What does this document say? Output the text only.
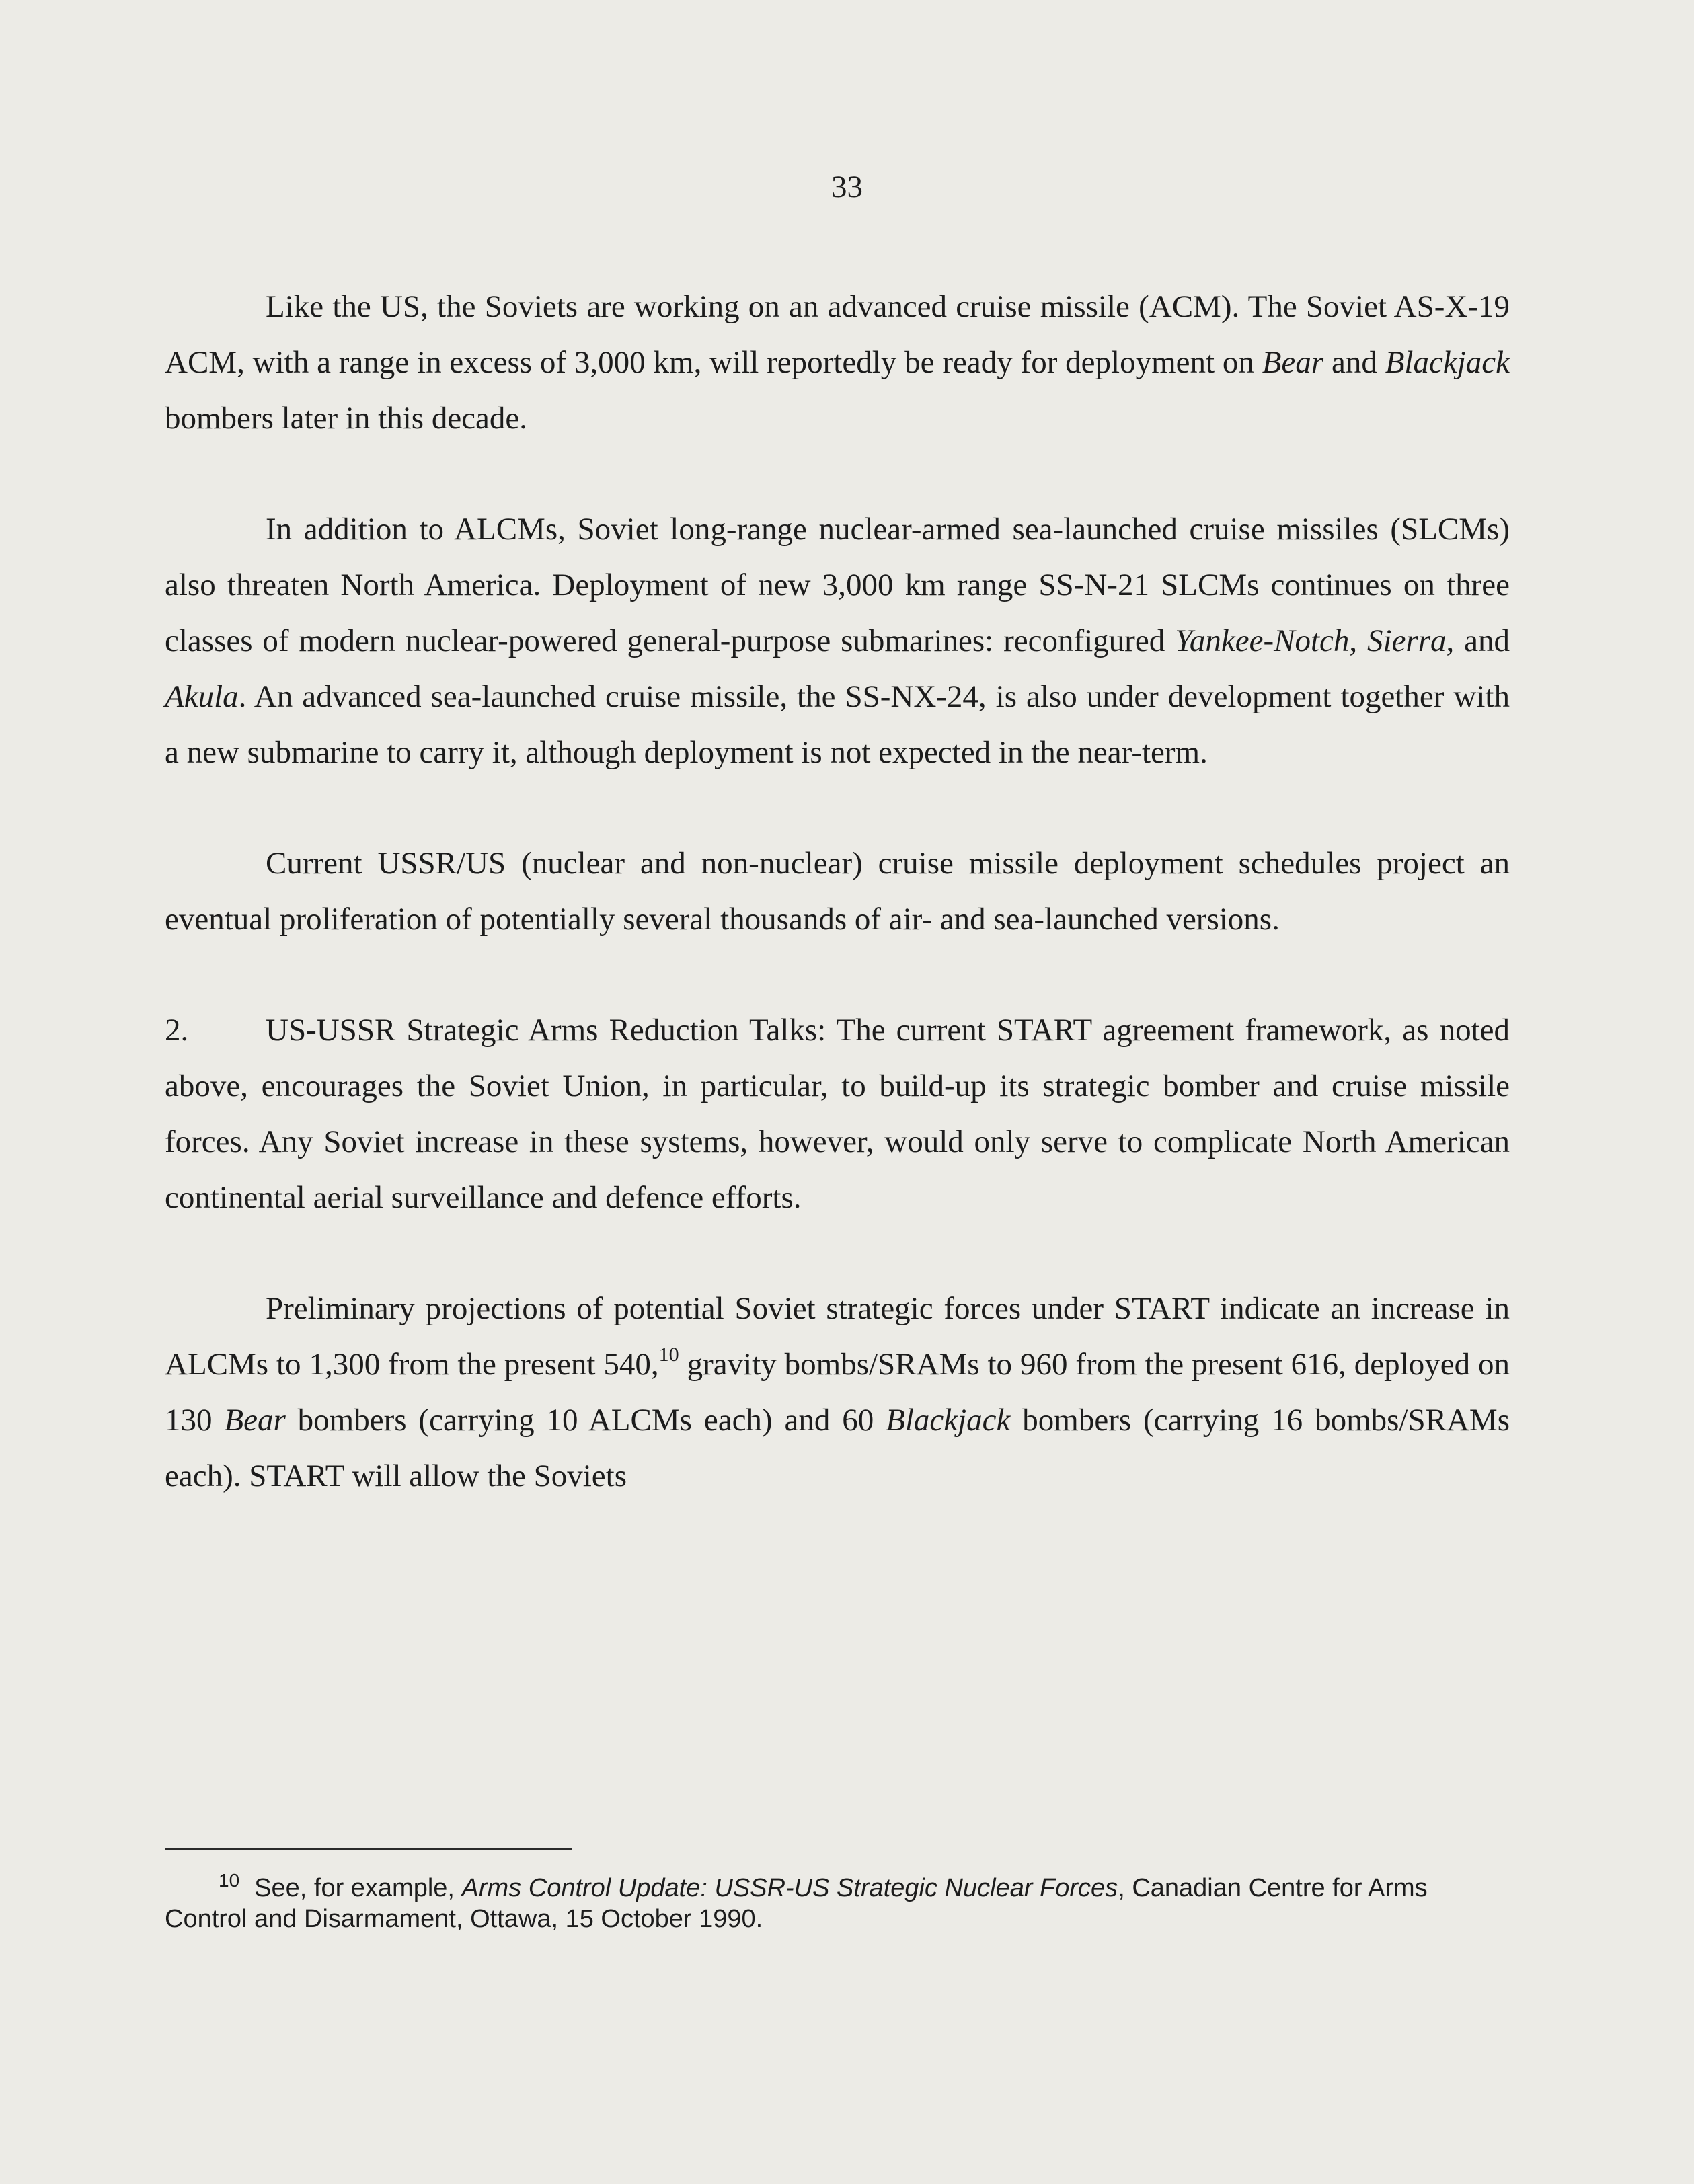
33

Like the US, the Soviets are working on an advanced cruise missile (ACM). The Soviet AS-X-19 ACM, with a range in excess of 3,000 km, will reportedly be ready for deployment on Bear and Blackjack bombers later in this decade.

In addition to ALCMs, Soviet long-range nuclear-armed sea-launched cruise missiles (SLCMs) also threaten North America. Deployment of new 3,000 km range SS-N-21 SLCMs continues on three classes of modern nuclear-powered general-purpose submarines: reconfigured Yankee-Notch, Sierra, and Akula. An advanced sea-launched cruise missile, the SS-NX-24, is also under development together with a new submarine to carry it, although deployment is not expected in the near-term.

Current USSR/US (nuclear and non-nuclear) cruise missile deployment schedules project an eventual proliferation of potentially several thousands of air- and sea-launched versions.

2. US-USSR Strategic Arms Reduction Talks: The current START agreement framework, as noted above, encourages the Soviet Union, in particular, to build-up its strategic bomber and cruise missile forces. Any Soviet increase in these systems, however, would only serve to complicate North American continental aerial surveillance and defence efforts.

Preliminary projections of potential Soviet strategic forces under START indicate an increase in ALCMs to 1,300 from the present 540,10 gravity bombs/SRAMs to 960 from the present 616, deployed on 130 Bear bombers (carrying 10 ALCMs each) and 60 Blackjack bombers (carrying 16 bombs/SRAMs each). START will allow the Soviets

$^{10}$ See, for example, Arms Control Update: USSR-US Strategic Nuclear Forces, Canadian Centre for Arms Control and Disarmament, Ottawa, 15 October 1990.
